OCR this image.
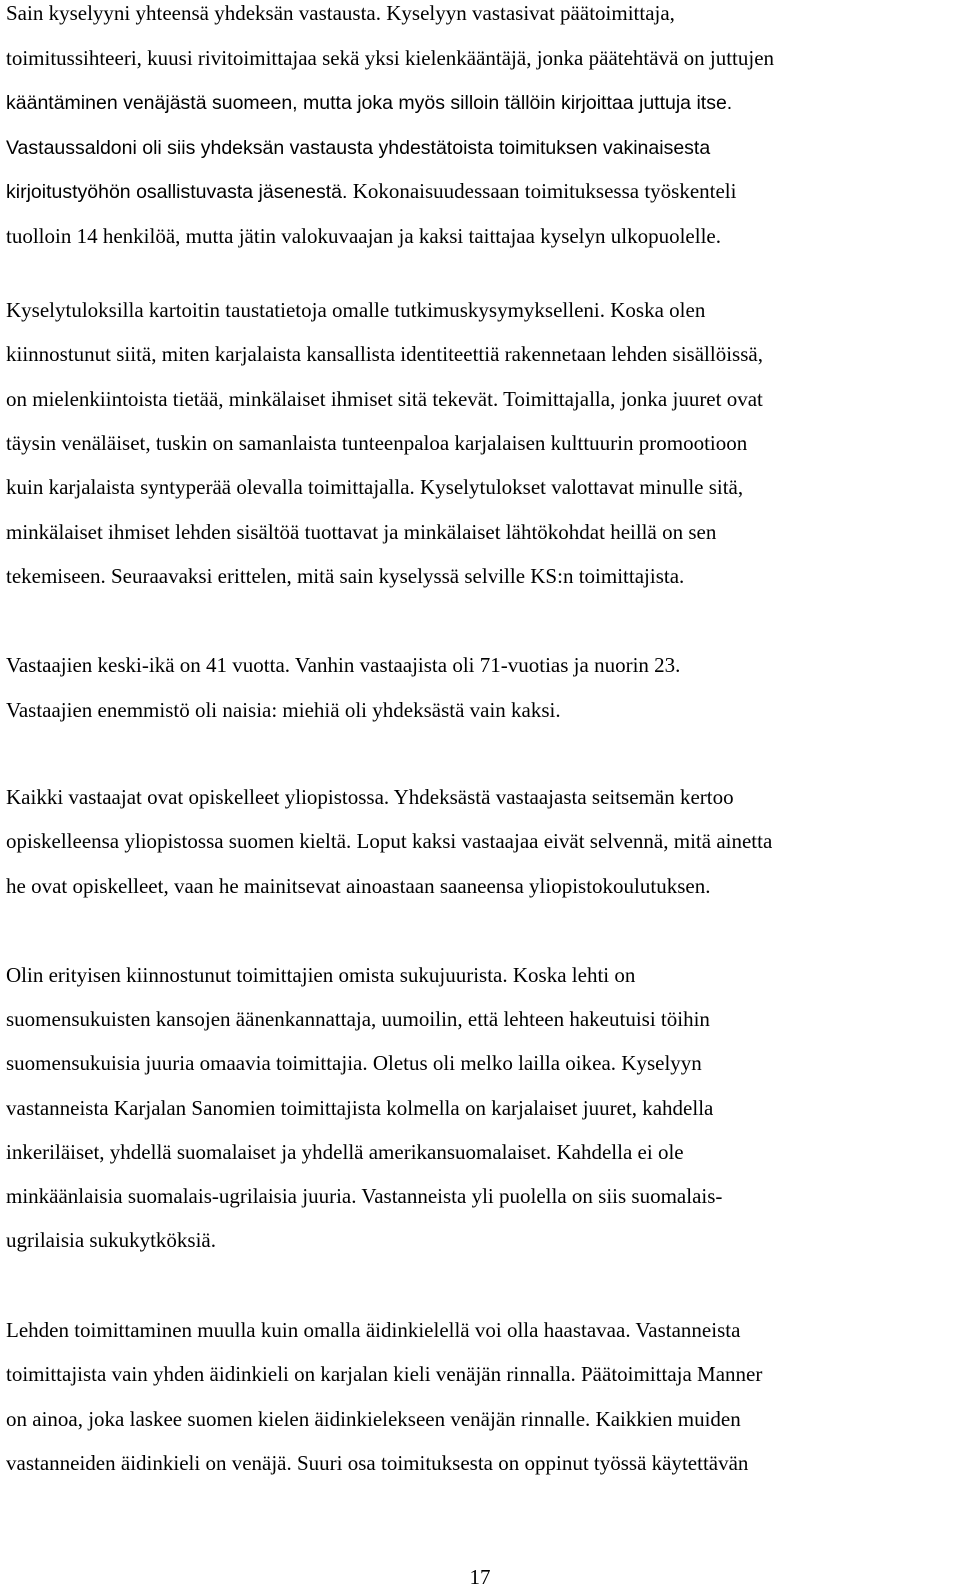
Sain kyselyyni yhteensä yhdeksän vastausta. Kyselyyn vastasivat päätoimittaja,
toimitussihteeri, kuusi rivitoimittajaa sekä yksi kielenkääntäjä, jonka päätehtävä on juttujen
kääntäminen venäjästä suomeen, mutta joka myös silloin tällöin kirjoittaa juttuja itse.
Vastaussaldoni oli siis yhdeksän vastausta yhdestätoista toimituksen vakinaisesta
kirjoitustyöhön osallistuvasta jäsenestä. Kokonaisuudessaan toimituksessa työskenteli
tuolloin 14 henkilöä, mutta jätin valokuvaajan ja kaksi taittajaa kyselyn ulkopuolelle.
Kyselytuloksilla kartoitin taustatietoja omalle tutkimuskysymykselleni. Koska olen
kiinnostunut siitä, miten karjalaista kansallista identiteettiä rakennetaan lehden sisällöissä,
on mielenkiintoista tietää, minkälaiset ihmiset sitä tekevät. Toimittajalla, jonka juuret ovat
täysin venäläiset, tuskin on samanlaista tunteenpaloa karjalaisen kulttuurin promootioon
kuin karjalaista syntyperää olevalla toimittajalla. Kyselytulokset valottavat minulle sitä,
minkälaiset ihmiset lehden sisältöä tuottavat ja minkälaiset lähtökohdat heillä on sen
tekemiseen. Seuraavaksi erittelen, mitä sain kyselyssä selville KS:n toimittajista.
Vastaajien keski-ikä on 41 vuotta. Vanhin vastaajista oli 71-vuotias ja nuorin 23.
Vastaajien enemmistö oli naisia: miehiä oli yhdeksästä vain kaksi.
Kaikki vastaajat ovat opiskelleet yliopistossa. Yhdeksästä vastaajasta seitsemän kertoo
opiskelleensa yliopistossa suomen kieltä. Loput kaksi vastaajaa eivät selvennä, mitä ainetta
he ovat opiskelleet, vaan he mainitsevat ainoastaan saaneensa yliopistokoulutuksen.
Olin erityisen kiinnostunut toimittajien omista sukujuurista. Koska lehti on
suomensukuisten kansojen äänenkannattaja, uumoilin, että lehteen hakeutuisi töihin
suomensukuisia juuria omaavia toimittajia. Oletus oli melko lailla oikea. Kyselyyn
vastanneista Karjalan Sanomien toimittajista kolmella on karjalaiset juuret, kahdella
inkeriläiset, yhdellä suomalaiset ja yhdellä amerikansuomalaiset. Kahdella ei ole
minkäänlaisia suomalais-ugrilaisia juuria. Vastanneista yli puolella on siis suomalais-
ugrilaisia sukukytköksiä.
Lehden toimittaminen muulla kuin omalla äidinkielellä voi olla haastavaa. Vastanneista
toimittajista vain yhden äidinkieli on karjalan kieli venäjän rinnalla. Päätoimittaja Manner
on ainoa, joka laskee suomen kielen äidinkielekseen venäjän rinnalle. Kaikkien muiden
vastanneiden äidinkieli on venäjä. Suuri osa toimituksesta on oppinut työssä käytettävän
17
